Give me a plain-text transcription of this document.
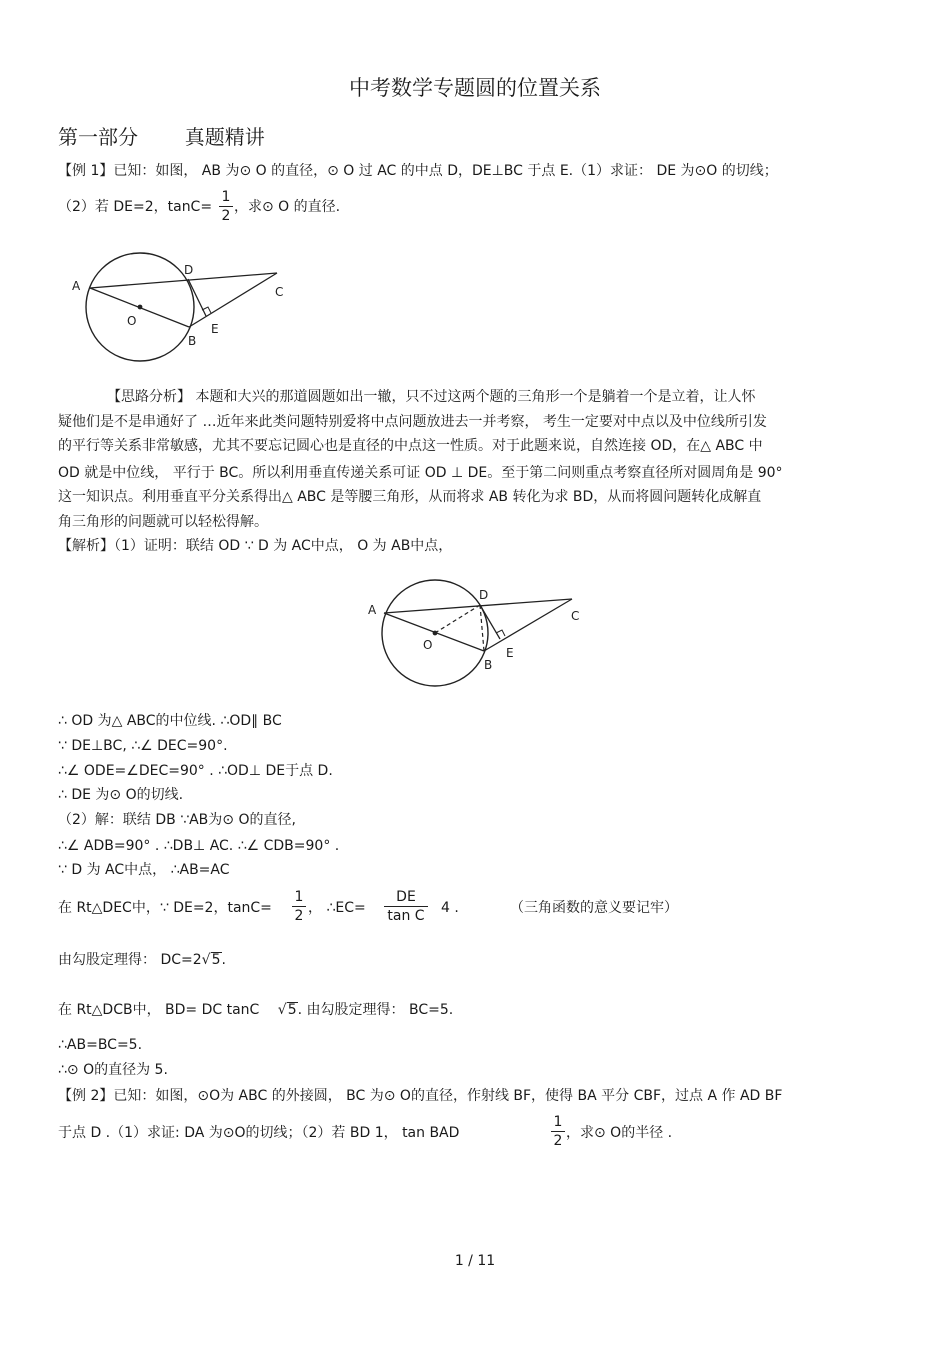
中考数学专题圆的位置关系
第一部分 真题精讲
【例 1】已知：如图， AB 为⊙ O 的直径，⊙ O 过 AC 的中点 D，DE⊥BC 于点 E.（1）求证： DE 为⊙O 的切线；
（2）若 DE=2，tanC=
1
2
，求⊙ O 的直径.
A
D
C
O
E
B
【思路分析】 本题和大兴的那道圆题如出一辙，只不过这两个题的三角形一个是躺着一个是立着，让人怀
疑他们是不是串通好了 …近年来此类问题特别爱将中点问题放进去一并考察， 考生一定要对中点以及中位线所引发
的平行等关系非常敏感，尤其不要忘记圆心也是直径的中点这一性质。对于此题来说，自然连接 OD，在△ ABC 中
OD 就是中位线， 平行于 BC。所以利用垂直传递关系可证 OD ⊥ DE。至于第二问则重点考察直径所对圆周角是 90°
这一知识点。利用垂直平分关系得出△ ABC 是等腰三角形，从而将求 AB 转化为求 BD，从而将圆问题转化成解直
角三角形的问题就可以轻松得解。
【解析】（1）证明：联结 OD ∵ D 为 AC中点， O 为 AB中点，
A
D
C
O
E
B
∴ OD 为△ ABC的中位线. ∴OD∥ BC
∵ DE⊥BC, ∴∠ DEC=90°.
∴∠ ODE=∠DEC=90° . ∴OD⊥ DE于点 D.
∴ DE 为⊙ O的切线.
（2）解：联结 DB ∵AB为⊙ O的直径,
∴∠ ADB=90° . ∴DB⊥ AC. ∴∠ CDB=90° .
∵ D 为 AC中点， ∴AB=AC
在 Rt△DEC中，∵ DE=2，tanC=
1
2 ， ∴EC=
DE
tan C 4 .	（三角函数的意义要记牢）
由勾股定理得： DC=2√5.
在 Rt△DCB中， BD= DC tanC √5. 由勾股定理得： BC=5.
∴AB=BC=5.
∴⊙ O的直径为 5.
【例 2】已知：如图，⊙O为 ABC 的外接圆， BC 为⊙ O的直径，作射线 BF，使得 BA 平分 CBF，过点 A 作 AD BF
于点 D .（1）求证: DA 为⊙O的切线；（2）若 BD 1， tan BAD
1
2 ，求⊙ O的半径 .
1 / 11
